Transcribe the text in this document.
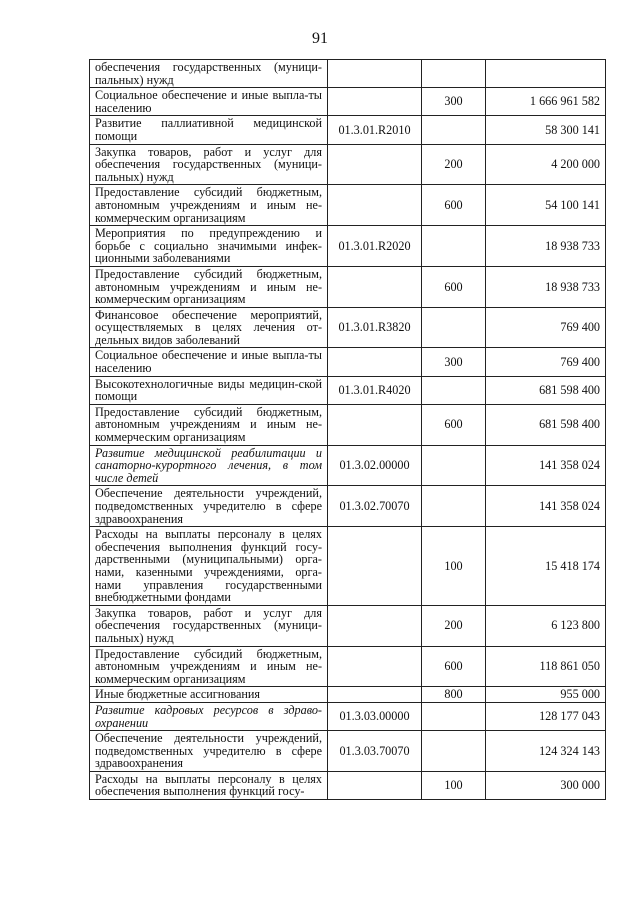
91
обеспечения государственных (муници-пальных) нужд			
Социальное обеспечение и иные выпла-ты населению		300	1 666 961 582
Развитие паллиативной медицинской помощи	01.3.01.R2010		58 300 141
Закупка товаров, работ и услуг для обеспечения государственных (муници-пальных) нужд		200	4 200 000
Предоставление субсидий бюджетным, автономным учреждениям и иным не-коммерческим организациям		600	54 100 141
Мероприятия по предупреждению и борьбе с социально значимыми инфек-ционными заболеваниями	01.3.01.R2020		18 938 733
Предоставление субсидий бюджетным, автономным учреждениям и иным не-коммерческим организациям		600	18 938 733
Финансовое обеспечение мероприятий, осуществляемых в целях лечения от-дельных видов заболеваний	01.3.01.R3820		769 400
Социальное обеспечение и иные выпла-ты населению		300	769 400
Высокотехнологичные виды медицин-ской помощи	01.3.01.R4020		681 598 400
Предоставление субсидий бюджетным, автономным учреждениям и иным не-коммерческим организациям		600	681 598 400
Развитие медицинской реабилитации и санаторно-курортного лечения, в том числе детей	01.3.02.00000		141 358 024
Обеспечение деятельности учреждений, подведомственных учредителю в сфере здравоохранения	01.3.02.70070		141 358 024
Расходы на выплаты персоналу в целях обеспечения выполнения функций госу-дарственными (муниципальными) орга-нами, казенными учреждениями, орга-нами управления государственными внебюджетными фондами		100	15 418 174
Закупка товаров, работ и услуг для обеспечения государственных (муници-пальных) нужд		200	6 123 800
Предоставление субсидий бюджетным, автономным учреждениям и иным не-коммерческим организациям		600	118 861 050
Иные бюджетные ассигнования		800	955 000
Развитие кадровых ресурсов в здраво-охранении	01.3.03.00000		128 177 043
Обеспечение деятельности учреждений, подведомственных учредителю в сфере здравоохранения	01.3.03.70070		124 324 143
Расходы на выплаты персоналу в целях обеспечения выполнения функций госу-		100	300 000
